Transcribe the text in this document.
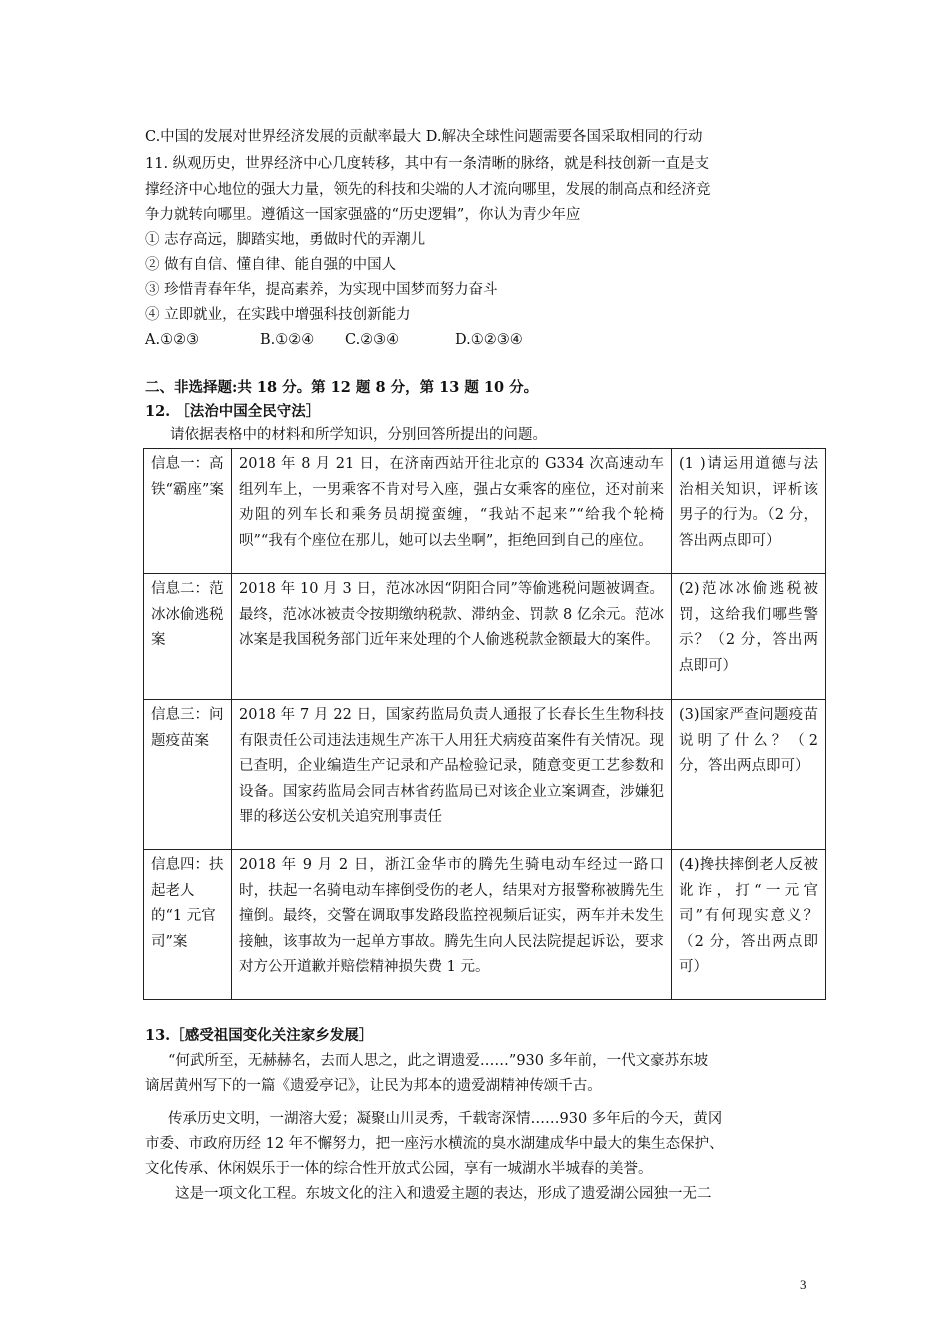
C.中国的发展对世界经济发展的贡献率最大 D.解决全球性问题需要各国采取相同的行动
11. 纵观历史，世界经济中心几度转移，其中有一条清晰的脉络，就是科技创新一直是支
撑经济中心地位的强大力量，领先的科技和尖端的人才流向哪里，发展的制高点和经济竞
争力就转向哪里。遵循这一国家强盛的“历史逻辑”，你认为青少年应
① 志存高远，脚踏实地，勇做时代的弄潮儿
② 做有自信、懂自律、能自强的中国人
③ 珍惜青春年华，提高素养，为实现中国梦而努力奋斗
④ 立即就业，在实践中增强科技创新能力
A.①②③	B.①②④ C.②③④	D.①②③④
二、非选择题:共 18 分。第 12 题 8 分，第 13 题 10 分。
12. ［法治中国全民守法］
请依据表格中的材料和所学知识，分别回答所提出的问题。
信息一：高铁“霸座”案	2018 年 8 月 21 日，在济南西站开往北京的 G334 次高速动车组列车上，一男乘客不肯对号入座，强占女乘客的座位，还对前来劝阻的列车长和乘务员胡搅蛮缠，“我站不起来”“给我个轮椅呗”“我有个座位在那儿，她可以去坐啊”，拒绝回到自己的座位。	(1 )请运用道德与法治相关知识，评析该男子的行为。（2 分，答出两点即可）
信息二：范冰冰偷逃税案	2018 年 10 月 3 日，范冰冰因“阴阳合同”等偷逃税问题被调查。最终，范冰冰被责令按期缴纳税款、滞纳金、罚款 8 亿余元。范冰冰案是我国税务部门近年来处理的个人偷逃税款金额最大的案件。	(2)范冰冰偷逃税被罚，这给我们哪些警示？（2 分，答出两点即可）
信息三：问题疫苗案	2018 年 7 月 22 日，国家药监局负责人通报了长春长生生物科技有限责任公司违法违规生产冻干人用狂犬病疫苗案件有关情况。现已查明，企业编造生产记录和产品检验记录，随意变更工艺参数和设备。国家药监局会同吉林省药监局已对该企业立案调查，涉嫌犯罪的移送公安机关追究刑事责任	(3)国家严查问题疫苗说明了什么？（2 分，答出两点即可）
信息四：扶起老人的“1 元官司”案	2018 年 9 月 2 日，浙江金华市的腾先生骑电动车经过一路口时，扶起一名骑电动车摔倒受伤的老人，结果对方报警称被腾先生撞倒。最终，交警在调取事发路段监控视频后证实，两车并未发生接触，该事故为一起单方事故。腾先生向人民法院提起诉讼，要求对方公开道歉并赔偿精神损失费 1 元。	(4)搀扶摔倒老人反被讹诈，打“一元官司”有何现实意义？（2 分，答出两点即可）
13.［感受祖国变化关注家乡发展］
“何武所至，无赫赫名，去而人思之，此之谓遗爱……”930 多年前，一代文豪苏东坡
谪居黄州写下的一篇《遗爱亭记》，让民为邦本的遗爱湖精神传颂千古。
传承历史文明，一湖溶大爱；凝聚山川灵秀，千载寄深情……930 多年后的今天，黄冈
市委、市政府历经 12 年不懈努力，把一座污水横流的臭水湖建成华中最大的集生态保护、
文化传承、休闲娱乐于一体的综合性开放式公园，享有一城湖水半城春的美誉。
这是一项文化工程。东坡文化的注入和遗爱主题的表达，形成了遗爱湖公园独一无二
3
